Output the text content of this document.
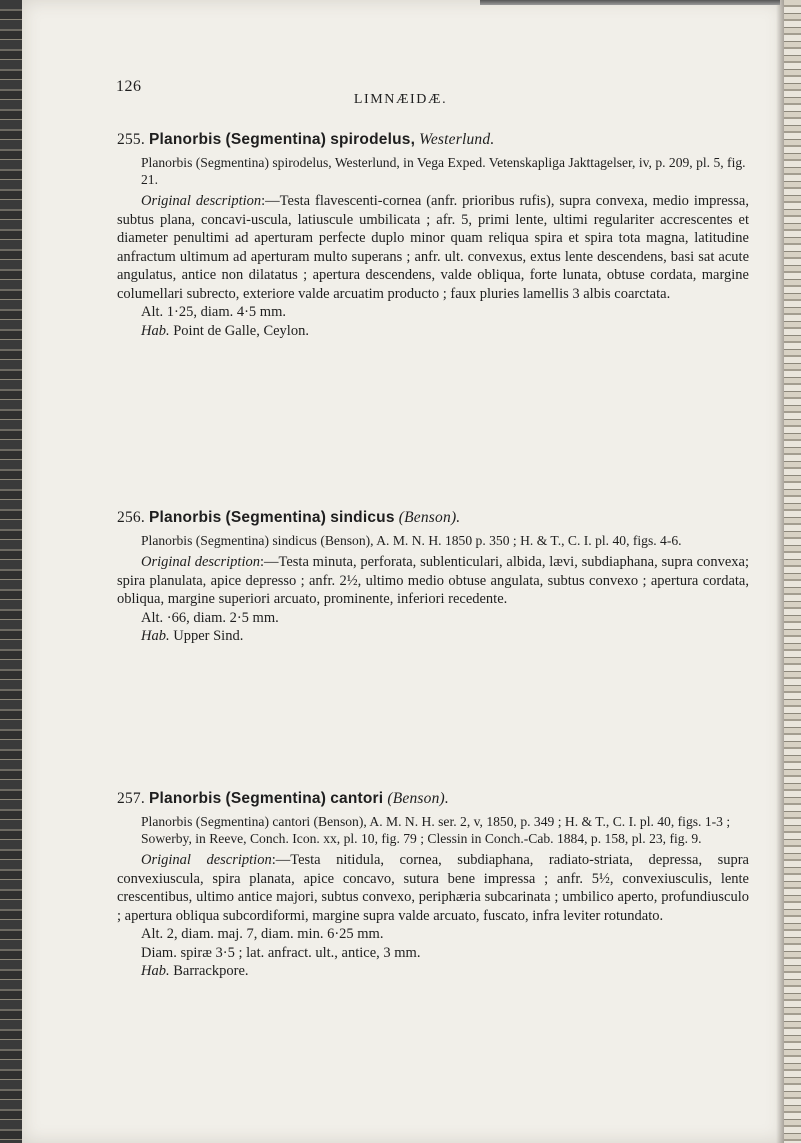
126
LIMNÆIDÆ.

255. Planorbis (Segmentina) spirodelus, Westerlund.

Planorbis (Segmentina) spirodelus, Westerlund, in Vega Exped. Vetenskapliga Jakttagelser, iv, p. 209, pl. 5, fig. 21.

Original description:—Testa flavescenti-cornea (anfr. prioribus rufis), supra convexa, medio impressa, subtus plana, concavi-uscula, latiuscule umbilicata ; afr. 5, primi lente, ultimi regulariter accrescentes et diameter penultimi ad aperturam perfecte duplo minor quam reliqua spira et spira tota magna, latitudine anfractum ultimum ad aperturam multo superans ; anfr. ult. convexus, extus lente descendens, basi sat acute angulatus, antice non dilatatus ; apertura descendens, valde obliqua, forte lunata, obtuse cordata, margine columellari subrecto, exteriore valde arcuatim producto ; faux pluries lamellis 3 albis coarctata.

Alt. 1·25, diam. 4·5 mm.

Hab. Point de Galle, Ceylon.

256. Planorbis (Segmentina) sindicus (Benson).

Planorbis (Segmentina) sindicus (Benson), A. M. N. H. 1850 p. 350 ; H. & T., C. I. pl. 40, figs. 4-6.

Original description:—Testa minuta, perforata, sublenticulari, albida, lævi, subdiaphana, supra convexa; spira planulata, apice depresso ; anfr. 2½, ultimo medio obtuse angulata, subtus convexo ; apertura cordata, obliqua, margine superiori arcuato, prominente, inferiori recedente.

Alt. ·66, diam. 2·5 mm.

Hab. Upper Sind.

257. Planorbis (Segmentina) cantori (Benson).

Planorbis (Segmentina) cantori (Benson), A. M. N. H. ser. 2, v, 1850, p. 349 ; H. & T., C. I. pl. 40, figs. 1-3 ; Sowerby, in Reeve, Conch. Icon. xx, pl. 10, fig. 79 ; Clessin in Conch.-Cab. 1884, p. 158, pl. 23, fig. 9.

Original description:—Testa nitidula, cornea, subdiaphana, radiato-striata, depressa, supra convexiuscula, spira planata, apice concavo, sutura bene impressa ; anfr. 5½, convexiusculis, lente crescentibus, ultimo antice majori, subtus convexo, periphæria subcarinata ; umbilico aperto, profundiusculo ; apertura obliqua subcordiformi, margine supra valde arcuato, fuscato, infra leviter rotundato.

Alt. 2, diam. maj. 7, diam. min. 6·25 mm.

Diam. spiræ 3·5 ; lat. anfract. ult., antice, 3 mm.

Hab. Barrackpore.
